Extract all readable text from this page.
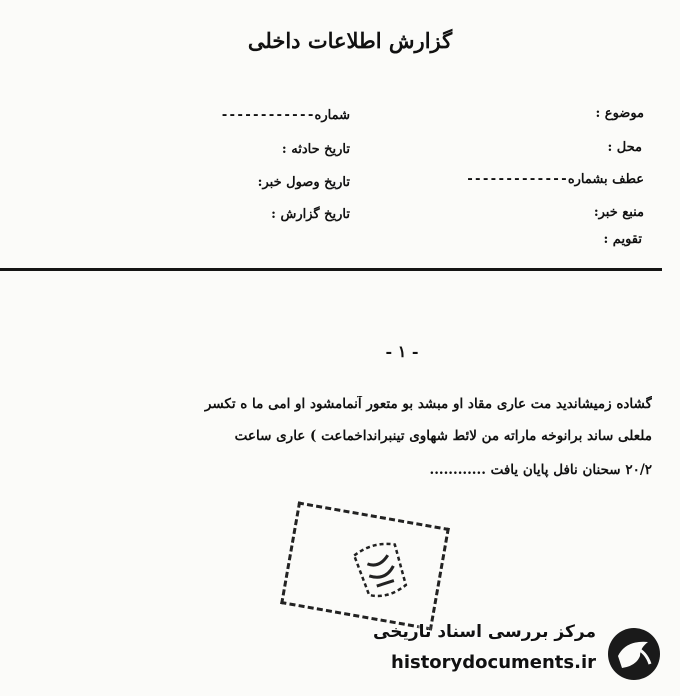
گزارش اطلاعات داخلی
موضوع :
محل :
عطف بشماره-------------
منبع خبر:
تقویم :
شماره------------
تاریخ حادثه :
تاریخ وصول خبر:
تاریخ گزارش :
- ۱ -
گشاده زمیشاندید مت عاری مقاد او مبشد بو متعور آنمامشود او امی ما ه تکسر
ملعلی ساند برانوخه ماراته من لائط شهاوی تینبرانداخماعت ) عاری ساعت
۲۰/۲ سحنان نافل پایان یافت ............
مرکز بررسی اسناد تاریخی
historydocuments.ir
